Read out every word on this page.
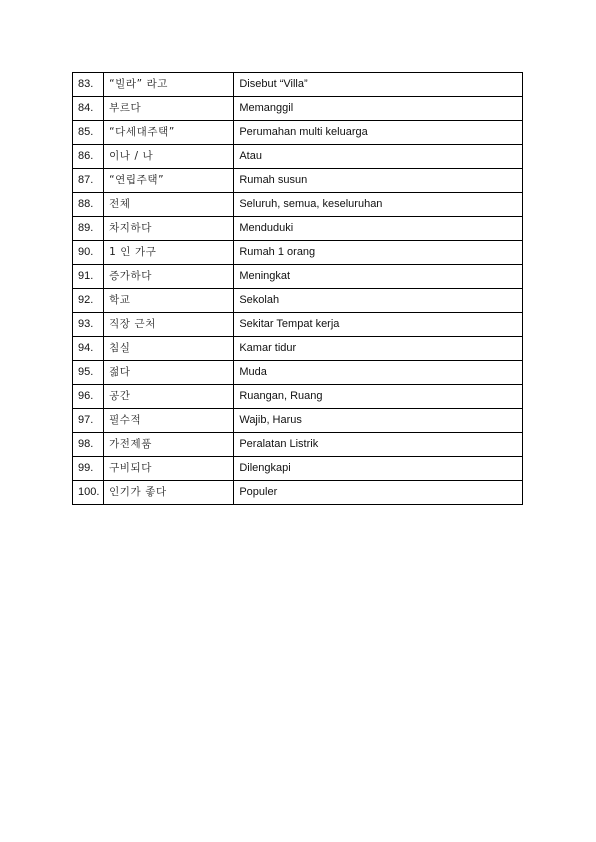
83.	“빌라” 라고	Disebut “Villa”
84.	부르다	Memanggil
85.	“다세대주택”	Perumahan multi keluarga
86.	이나 / 나	Atau
87.	“연립주택”	Rumah susun
88.	전체	Seluruh, semua, keseluruhan
89.	차지하다	Menduduki
90.	1 인 가구	Rumah 1 orang
91.	증가하다	Meningkat
92.	학교	Sekolah
93.	직장 근처	Sekitar Tempat kerja
94.	침실	Kamar tidur
95.	젊다	Muda
96.	공간	Ruangan, Ruang
97.	필수적	Wajib, Harus
98.	가전제품	Peralatan Listrik
99.	구비되다	Dilengkapi
100.	인기가 좋다	Populer
